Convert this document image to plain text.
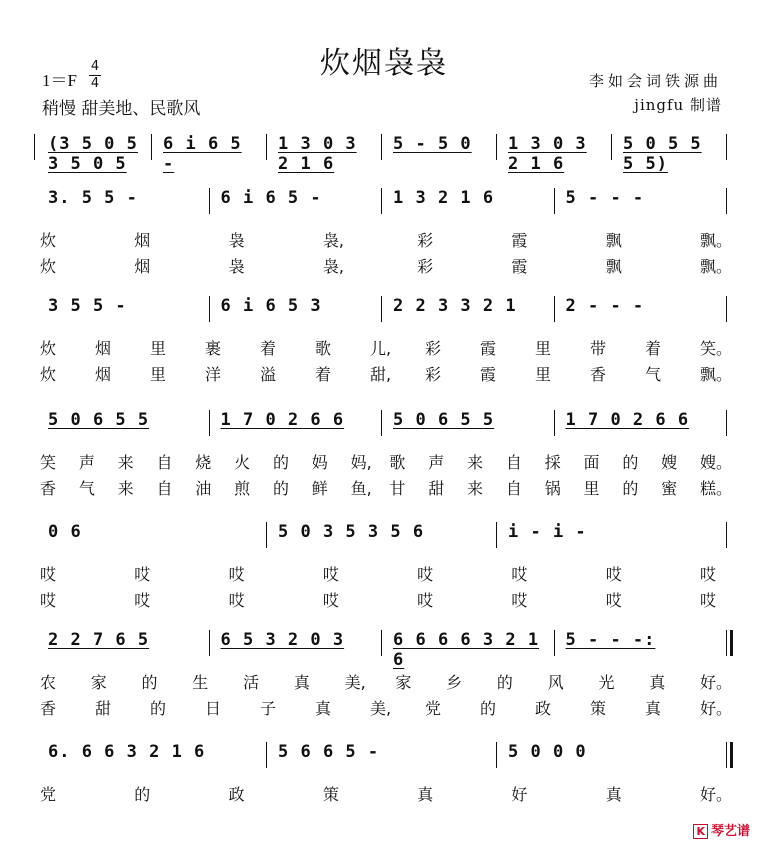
炊烟袅袅
1＝F
4
4
稍慢 甜美地、民歌风
李如会词铁源曲
jingfu 制谱
(3 5 0 5 3 5 0 5
6 i 6 5 -
1 3 0 3 2 1 6
5 - 5 0	1 3 0 3 2 1 6
5 0 5 5 5 5)
3. 5 5 -	6 i 6 5 -	1 3 2 1 6	5 - - -
炊	烟	袅	袅,	彩	霞	飘	飘。
炊	烟	袅	袅,	彩	霞	飘	飘。
3 5 5 -	6 i 6 5 3	2 2 3 3 2 1	2 - - -
炊 烟 里 裹 着 歌 儿, 彩 霞 里 带 着 笑。
炊 烟 里 洋 溢 着 甜, 彩 霞 里 香 气 飘。
5 0 6 5 5	1 7 0 2 6 6	5 0 6 5 5	1 7 0 2 6 6
笑 声 来 自 烧 火 的 妈 妈, 歌 声 来 自 採 面 的 嫂 嫂。
香 气 来 自 油 煎 的 鲜 鱼, 甘 甜 来 自 锅 里 的 蜜 糕。
0 6	5 0 3 5 3 5 6	i - i -
哎	哎	哎	哎	哎	哎	哎	哎
哎	哎	哎	哎	哎	哎	哎	哎
2 2 7 6 5	6 5 3 2 0 3	6 6 6 6 3 2 1 6
5 - - -:
农 家 的 生 活 真 美, 家 乡 的 风 光 真 好。
香 甜 的 日 子 真 美, 党 的 政 策 真 好。
6. 6 6 3 2 1 6	5 6 6 5 -	5 0 0 0
党	的	政	策	真	好	真	好。
K 琴艺谱
